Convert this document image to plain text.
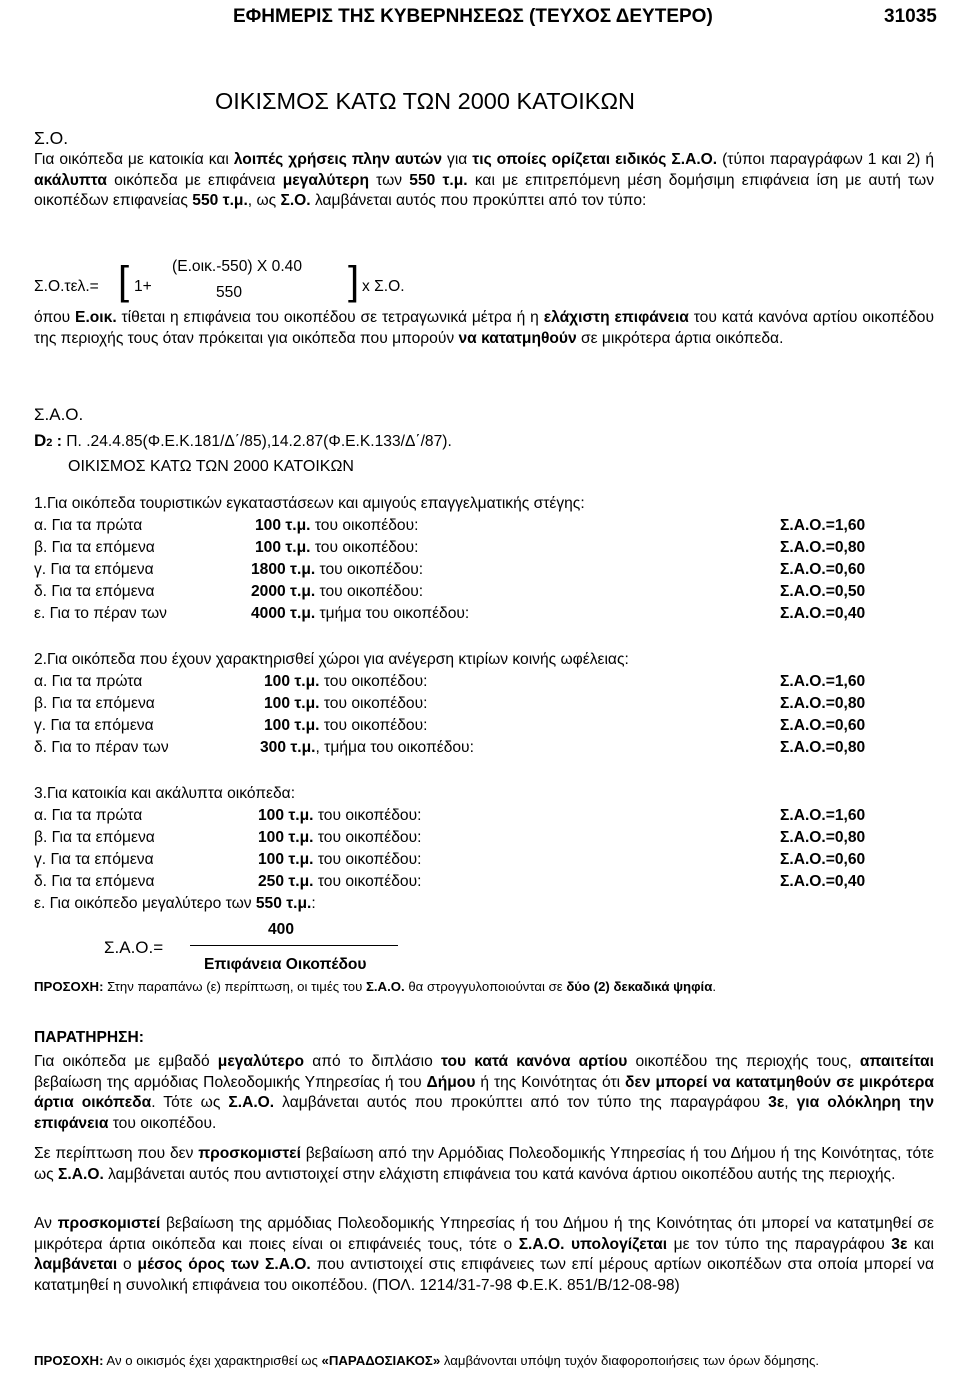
ΕΦΗΜΕΡΙΣ ΤΗΣ ΚΥΒΕΡΝΗΣΕΩΣ (ΤΕΥΧΟΣ ΔΕΥΤΕΡΟ)	31035
ΟΙΚΙΣΜΟΣ ΚΑΤΩ ΤΩΝ 2000 ΚΑΤΟΙΚΩΝ
Σ.Ο.
Για οικόπεδα με κατοικία και λοιπές χρήσεις πλην αυτών για τις οποίες ορίζεται ειδικός Σ.Α.Ο. (τύποι παραγράφων 1 και 2) ή ακάλυπτα οικόπεδα με επιφάνεια μεγαλύτερη των 550 τ.μ. και με επιτρεπόμενη μέση δομήσιμη επιφάνεια ίση με αυτή των οικοπέδων επιφανείας 550 τ.μ., ως Σ.Ο. λαμβάνεται αυτός που προκύπτει από τον τύπο:
Σ.Ο.τελ.= [ 1+
(Ε.οικ.-550) X 0.40
550	] x Σ.Ο.
όπου Ε.οικ. τίθεται η επιφάνεια του οικοπέδου σε τετραγωνικά μέτρα ή η ελάχιστη επιφάνεια του κατά κανόνα αρτίου οικοπέδου της περιοχής τους όταν πρόκειται για οικόπεδα που μπορούν να κατατμηθούν σε μικρότερα άρτια οικόπεδα.
Σ.Α.Ο.
D2 : Π. .24.4.85(Φ.Ε.Κ.181/Δ΄/85),14.2.87(Φ.Ε.Κ.133/Δ΄/87).
ΟΙΚΙΣΜΟΣ ΚΑΤΩ ΤΩΝ 2000 ΚΑΤΟΙΚΩΝ
1.Για οικόπεδα τουριστικών εγκαταστάσεων και αμιγούς επαγγελματικής στέγης:
α. Για τα πρώτα	100 τ.μ. του οικοπέδου:	Σ.Α.Ο.=1,60
β. Για τα επόμενα	100 τ.μ. του οικοπέδου:	Σ.Α.Ο.=0,80
γ. Για τα επόμενα	1800 τ.μ. του οικοπέδου:	Σ.Α.Ο.=0,60
δ. Για τα επόμενα	2000 τ.μ. του οικοπέδου:	Σ.Α.Ο.=0,50
ε. Για το πέραν των	4000 τ.μ. τμήμα του οικοπέδου:	Σ.Α.Ο.=0,40
2.Για οικόπεδα που έχουν χαρακτηρισθεί χώροι για ανέγερση κτιρίων κοινής ωφέλειας:
α. Για τα πρώτα	100 τ.μ. του οικοπέδου:	Σ.Α.Ο.=1,60
β. Για τα επόμενα	100 τ.μ. του οικοπέδου:	Σ.Α.Ο.=0,80
γ. Για τα επόμενα	100 τ.μ. του οικοπέδου:	Σ.Α.Ο.=0,60
δ. Για το πέραν των	300 τ.μ., τμήμα του οικοπέδου:	Σ.Α.Ο.=0,80
3.Για κατοικία και ακάλυπτα οικόπεδα:
α. Για τα πρώτα	100 τ.μ. του οικοπέδου:	Σ.Α.Ο.=1,60
β. Για τα επόμενα	100 τ.μ. του οικοπέδου:	Σ.Α.Ο.=0,80
γ. Για τα επόμενα	100 τ.μ. του οικοπέδου:	Σ.Α.Ο.=0,60
δ. Για τα επόμενα	250 τ.μ. του οικοπέδου:	Σ.Α.Ο.=0,40
ε. Για οικόπεδο μεγαλύτερο των 550 τ.μ.:
Σ.Α.Ο.=
400
Επιφάνεια Οικοπέδου
ΠΡΟΣΟΧΗ: Στην παραπάνω (ε) περίπτωση, οι τιμές του Σ.Α.Ο. θα στρογγυλοποιούνται σε δύο (2) δεκαδικά ψηφία.
ΠΑΡΑΤΗΡΗΣΗ:
Για οικόπεδα με εμβαδό μεγαλύτερο από το διπλάσιο του κατά κανόνα αρτίου οικοπέδου της περιοχής τους, απαιτείται βεβαίωση της αρμόδιας Πολεοδομικής Υπηρεσίας ή του Δήμου ή της Κοινότητας ότι δεν μπορεί να κατατμηθούν σε μικρότερα άρτια οικόπεδα. Τότε ως Σ.Α.Ο. λαμβάνεται αυτός που προκύπτει από τον τύπο της παραγράφου 3ε, για ολόκληρη την επιφάνεια του οικοπέδου.
Σε περίπτωση που δεν προσκομιστεί βεβαίωση από την Αρμόδιας Πολεοδομικής Υπηρεσίας ή του Δήμου ή της Κοινότητας, τότε ως Σ.Α.Ο. λαμβάνεται αυτός που αντιστοιχεί στην ελάχιστη επιφάνεια του κατά κανόνα άρτιου οικοπέδου αυτής της περιοχής.
Αν προσκομιστεί βεβαίωση της αρμόδιας Πολεοδομικής Υπηρεσίας ή του Δήμου ή της Κοινότητας ότι μπορεί να κατατμηθεί σε μικρότερα άρτια οικόπεδα και ποιες είναι οι επιφάνειές τους, τότε ο Σ.Α.Ο. υπολογίζεται με τον τύπο της παραγράφου 3ε και λαμβάνεται ο μέσος όρος των Σ.Α.Ο. που αντιστοιχεί στις επιφάνειες των επί μέρους αρτίων οικοπέδων στα οποία μπορεί να κατατμηθεί η συνολική επιφάνεια του οικοπέδου. (ΠΟΛ. 1214/31-7-98 Φ.Ε.Κ. 851/Β/12-08-98)
ΠΡΟΣΟΧΗ: Αν ο οικισμός έχει χαρακτηρισθεί ως «ΠΑΡΑΔΟΣΙΑΚΟΣ» λαμβάνονται υπόψη τυχόν διαφοροποιήσεις των όρων δόμησης.
